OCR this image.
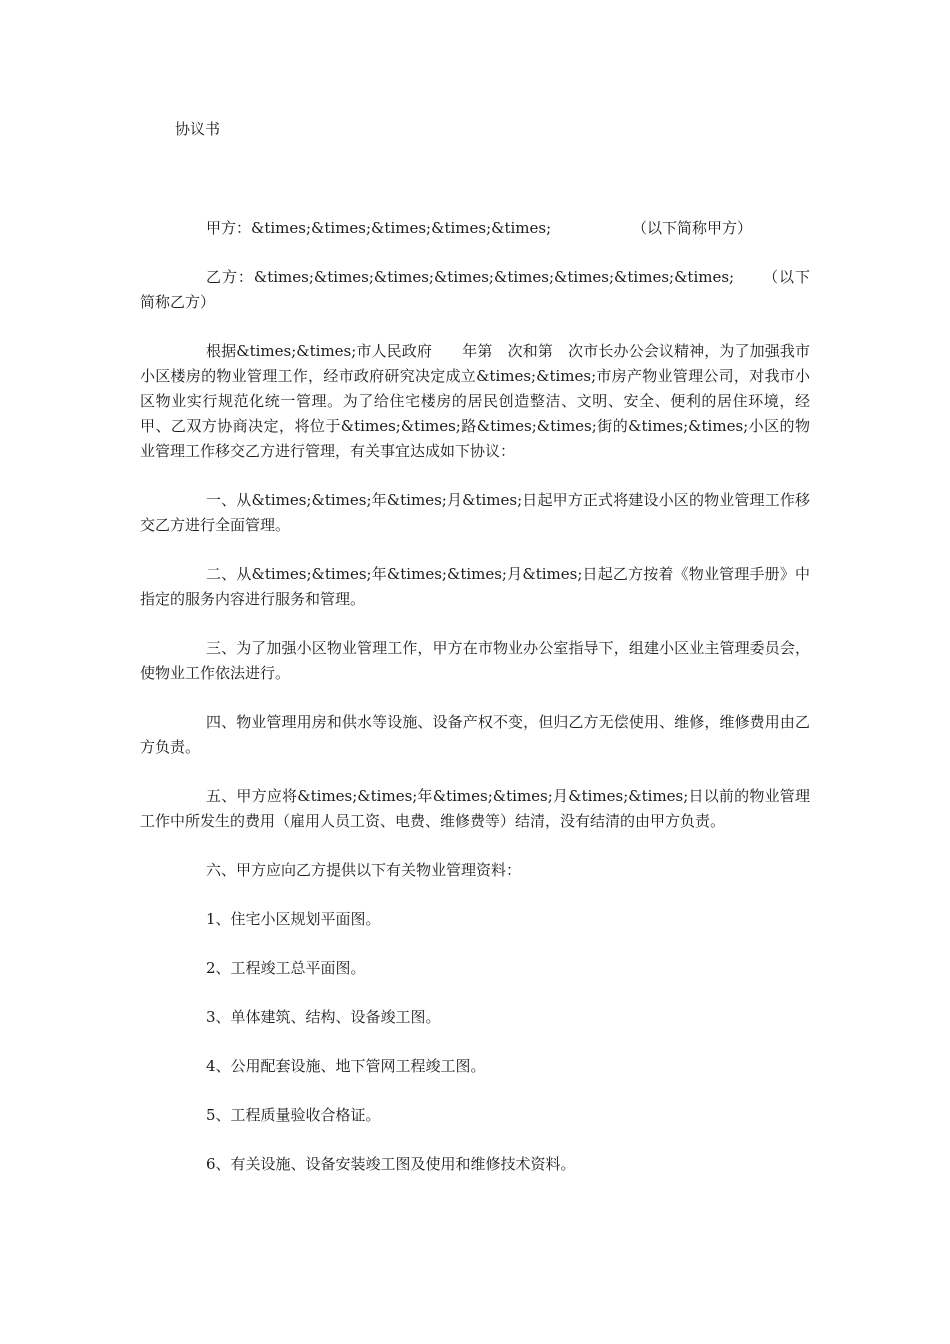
协议书
甲方：&times;&times;&times;&times;&times;	（以下简称甲方）

乙方：&times;&times;&times;&times;&times;&times;&times;&times; （以下简称乙方）

根据&times;&times;市人民政府　　年第　次和第　次市长办公会议精神，为了加强我市小区楼房的物业管理工作，经市政府研究决定成立&times;&times;市房产物业管理公司，对我市小区物业实行规范化统一管理。为了给住宅楼房的居民创造整洁、文明、安全、便利的居住环境，经甲、乙双方协商决定，将位于&times;&times;路&times;&times;街的&times;&times;小区的物业管理工作移交乙方进行管理，有关事宜达成如下协议：

一、从&times;&times;年&times;月&times;日起甲方正式将建设小区的物业管理工作移交乙方进行全面管理。

二、从&times;&times;年&times;&times;月&times;日起乙方按着《物业管理手册》中指定的服务内容进行服务和管理。

三、为了加强小区物业管理工作，甲方在市物业办公室指导下，组建小区业主管理委员会，使物业工作依法进行。

四、物业管理用房和供水等设施、设备产权不变，但归乙方无偿使用、维修，维修费用由乙方负责。

五、甲方应将&times;&times;年&times;&times;月&times;&times;日以前的物业管理工作中所发生的费用（雇用人员工资、电费、维修费等）结清，没有结清的由甲方负责。

六、甲方应向乙方提供以下有关物业管理资料：

1、住宅小区规划平面图。

2、工程竣工总平面图。

3、单体建筑、结构、设备竣工图。

4、公用配套设施、地下管网工程竣工图。

5、工程质量验收合格证。

6、有关设施、设备安装竣工图及使用和维修技术资料。
